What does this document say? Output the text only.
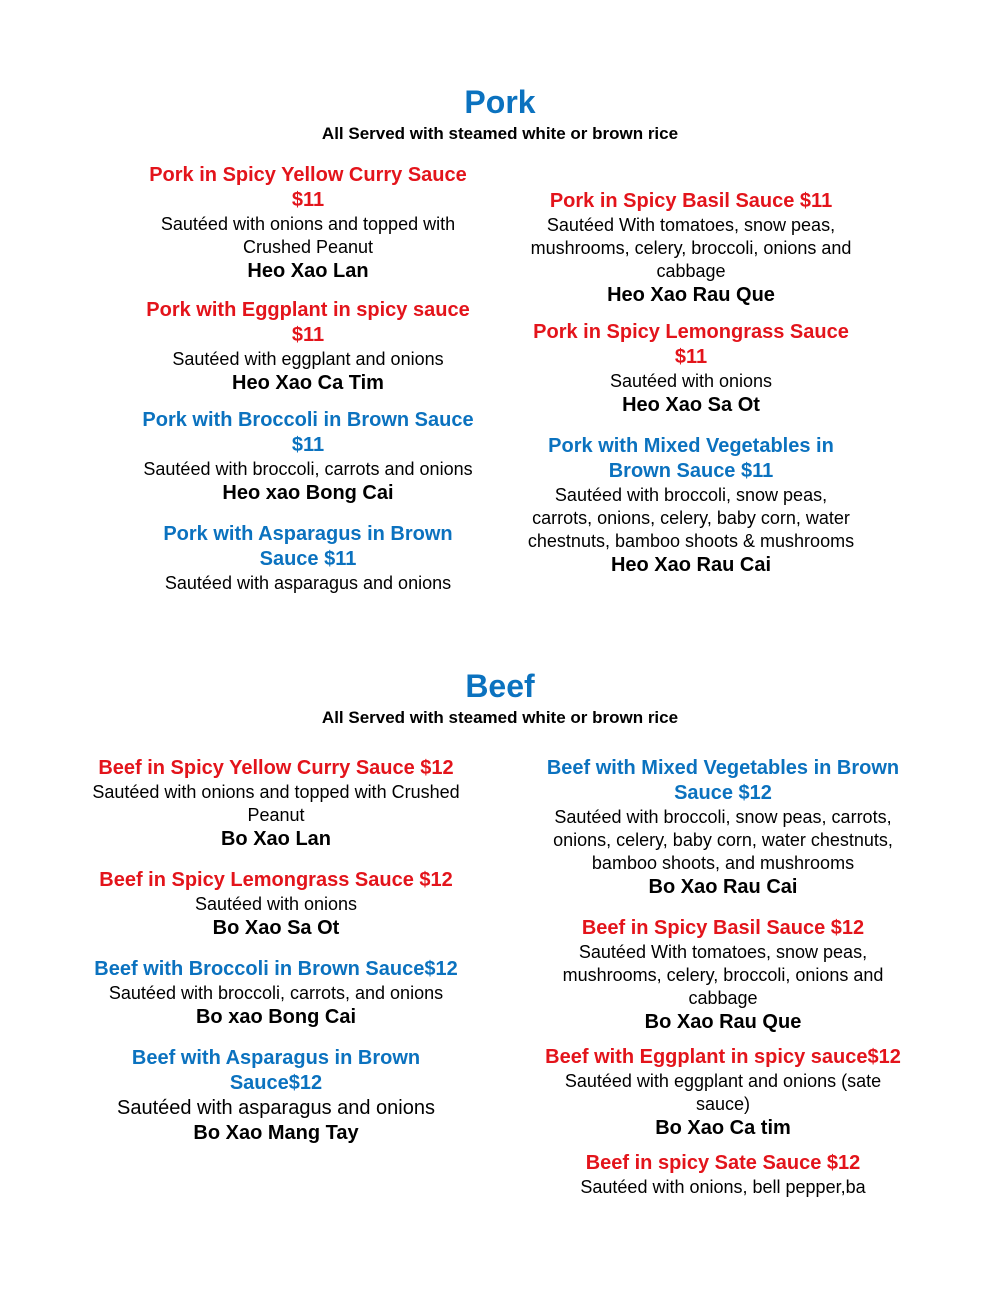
Pork
All Served with steamed white or brown rice
Pork in Spicy Yellow Curry Sauce $11
Sautéed with onions and topped with Crushed Peanut
Heo Xao Lan
Pork with Eggplant in spicy sauce $11
Sautéed with eggplant and onions
Heo Xao Ca Tim
Pork with Broccoli in Brown Sauce $11
Sautéed with broccoli, carrots and onions
Heo xao Bong Cai
Pork with Asparagus in Brown Sauce $11
Sautéed with asparagus and onions
Pork in Spicy Basil Sauce $11
Sautéed With tomatoes, snow peas, mushrooms, celery, broccoli, onions and cabbage
Heo Xao Rau Que
Pork in Spicy Lemongrass Sauce $11
Sautéed with onions
Heo Xao Sa Ot
Pork with Mixed Vegetables in Brown Sauce $11
Sautéed with broccoli, snow peas, carrots, onions, celery, baby corn, water chestnuts, bamboo shoots & mushrooms
Heo Xao Rau Cai
Beef
All Served with steamed white or brown rice
Beef in Spicy Yellow Curry Sauce $12
Sautéed with onions and topped with Crushed Peanut
Bo Xao Lan
Beef in Spicy Lemongrass Sauce $12
Sautéed with onions
Bo Xao Sa Ot
Beef with Broccoli in Brown Sauce$12
Sautéed with broccoli, carrots, and onions
Bo xao Bong Cai
Beef with Asparagus in Brown Sauce$12
Sautéed with asparagus and onions
Bo Xao Mang Tay
Beef with Mixed Vegetables in Brown Sauce $12
Sautéed with broccoli, snow peas, carrots, onions, celery, baby corn, water chestnuts, bamboo shoots, and mushrooms
Bo Xao Rau Cai
Beef in Spicy Basil Sauce $12
Sautéed With tomatoes, snow peas, mushrooms, celery, broccoli, onions and cabbage
Bo Xao Rau Que
Beef with Eggplant in spicy sauce$12
Sautéed with eggplant and onions (sate sauce)
Bo Xao Ca tim
Beef in spicy Sate Sauce $12
Sautéed with onions, bell pepper,ba
